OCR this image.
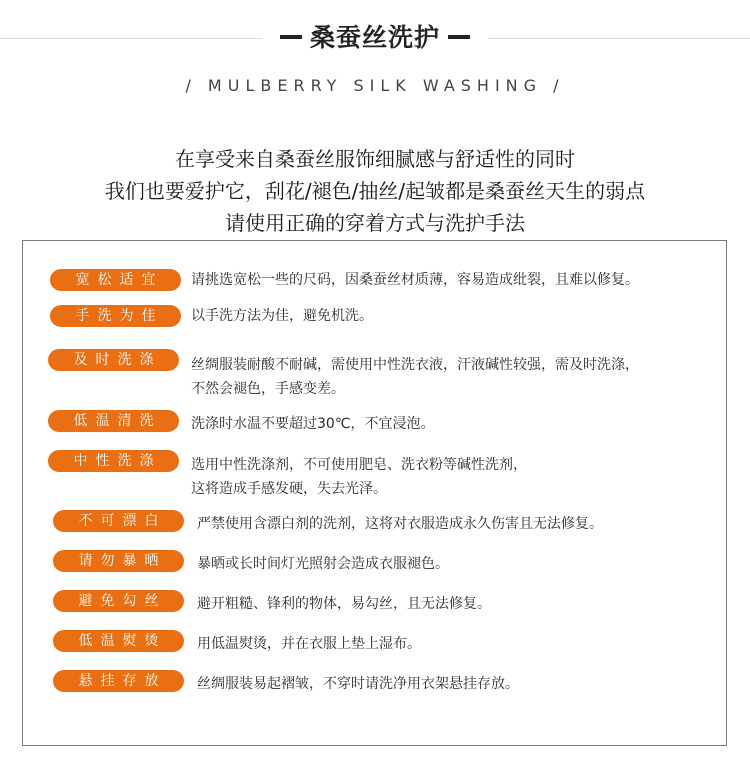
桑蚕丝洗护
/ MULBERRY SILK WASHING /
在享受来自桑蚕丝服饰细腻感与舒适性的同时
我们也要爱护它，刮花/褪色/抽丝/起皱都是桑蚕丝天生的弱点
请使用正确的穿着方式与洗护手法
宽松适宜	请挑选宽松一些的尺码，因桑蚕丝材质薄，容易造成纰裂，且难以修复。
手洗为佳	以手洗方法为佳，避免机洗。
及时洗涤	丝绸服装耐酸不耐碱，需使用中性洗衣液，汗液碱性较强，需及时洗涤，
不然会褪色，手感变差。
低温清洗	洗涤时水温不要超过30℃，不宜浸泡。
中性洗涤	选用中性洗涤剂，不可使用肥皂、洗衣粉等碱性洗剂，
这将造成手感发硬，失去光泽。
不可漂白	严禁使用含漂白剂的洗剂，这将对衣服造成永久伤害且无法修复。
请勿暴晒	暴晒或长时间灯光照射会造成衣服褪色。
避免勾丝	避开粗糙、锋利的物体，易勾丝，且无法修复。
低温熨烫	用低温熨烫，并在衣服上垫上湿布。
悬挂存放	丝绸服装易起褶皱，不穿时请洗净用衣架悬挂存放。
